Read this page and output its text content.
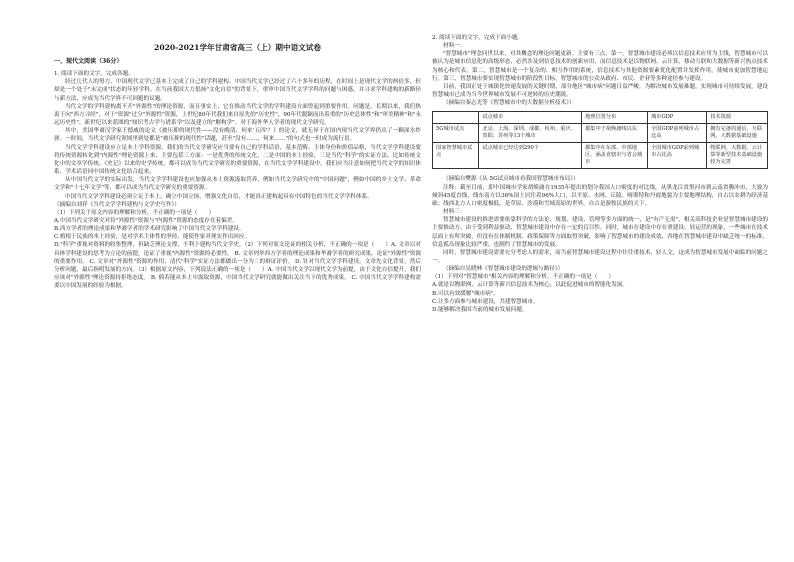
2020-2021学年甘肃省高三（上）期中语文试卷

一、现代文阅读（36分）

1. 阅读下面的文字，完成各题。

经过几代人的努力，中国现代文学已基本上完成了自己的学科建构。中国当代文学已经过了六十多年的历程，在时间上是现代文学的两倍多，但却是一个处于"未完成"状态的年轻学科。在当前我国大力倡扬"文化自信"的背景下，重审中国当代文学学科的问题与困惑，并寻求学科建构的新路径与新方法，应成为当代学界不可回避的议题。

当代文学的学科建构离不开"外源性"的理论资源，而且事实上，它在推动当代文学的学科建设方面曾起到重要作用。问题是，长期以来，我们热衷于向"西方寻经"，对于"资源"过分"外源性"资源，上世纪80年代我们来自原先的"历史性"，90年代脱颖而出着重的"历史总体性"和"审美精神"和"永远历史性"，新世纪以来蓝图的"知识考古学与谱系学"以及建立的"解构学"。对于海外华人学者的现代文学研究。

其中，美国华裔汉学家王德威的论文《被压抑的现代性——没有晚清，何来'五四'？》的论文，就无异于在国内现当代文学界扔出了一颗深水炸弹。一时间，当代文学研究领域里到处都是"被压抑的现代性"话题，甚至"没有……，何来……"的句式也一时成为流行语。

当代文学学科建设应立足本土学科资源，我们的当代文学研究应当要有自己的学科话语，基本范畴、主体身份和价值品格，当代文学学科建设要将传统资源转化到"内源性"理论资源上来，主要包括三方面：一是优秀的传统文化，二是中国的本土经验，三是当代"科学"的实证方法。比如传统文化中的文章学传统、《史记》以来的史学传统，都可以成为当代文学研究的重要资源，在当代文学学科建设中，我们应当注意如何把当代文学的知识体系、学术话语同中国传统文化结合起来。

从中国当代文学的实际出发，当代文学学科建设也应加强从本土资源汲取营养，例如当代文学研究中的"中国问题"，例如中国的乡土文学、革命文学和"十七年文学"等，都可以成为当代文学研究的重要资源。

中国当代文学学科建设必须立足于本土，确立中国立场，增强文化自信，才能真正建构起具有中国特色的当代文学学科体系。

（摘编自刘祥《当代文学学科建构与文学史写作》）

（1）下列关于原文内容的理解和分析，不正确的一项是（　　）

A.中国当代文学研究对待"外源性"资源与"内源性"资源的态度存在着偏差。

B.西方学者的理论成果和华裔学者的学术研究影响了中国当代文学学科建设。

C.植根于民族的本土经验，是对学术主体性的坚持，能使作家对现实作出回应。

D."科学"重视对资料的收集整理，但缺乏理论支撑，不利于建构当代文学史。（2）下列对原文论证的相关分析，不正确的一项是（　　）A. 文章以对具体学科建设的思考为立论的前提，论证了重视"内源性"资源的必要性。 B. 文章列举西方学者的理论成果和华裔学者的研究成果，论证"外源性"资源的重要作用。 C. 文章对"外源性"资源的作用、清代"科学"实证方法都做出一分为二的辩证评价。 D. 针对当代文学学科建设，文章先文化背景，然后分析问题，最后指明发展的方向。（3）根据原文内容，下列说法正确的一项是（　　）A. 中国当代文学以现代文学为前提，由于文化自信提升，我们应该对"外源性"理论资源持拒绝态度。 B. 倘若能从本土中汲取资源，中国当代文学研究就能做出关注当下的优秀成果。 C. 中国当代文学学科建构需要以中国发展的经验为根据。

2. 阅读下面的文字，完成下面小题。

材料一：

"智慧城市"理念问世以来，对其概念的理论问题更新。主要有三点，第一，智慧城市建设必须以信息技术应用为主线，智慧城市可以被认为是城市信息化的高级形态，必然涉及到信息技术的创新应用，而信息技术是以物联网、云计算、移动互联和大数据等新兴热点技术为核心和代表。第二，智慧城市是一个复杂的、相互作用的系统，信息技术与其他资源要素优化配置并发挥作用，使城市更加智慧地运行。第三，智慧城市要实现智慧城市的阶段性目标，智慧城市的公众从政府、市民、企业等多种途径参与建设。

目前，我国正处于城镇化快速发展的关键时期，部分地区"城市病"问题日益严峻。为解决城市发展难题，实现城市可持续发展，建设智慧城市已成为当今世界城市发展不可逆转的历史潮流。

（摘编自秦志光等《智慧城市中的大数据分析技术》）

	试点城市	地理位置分布	城市GDP	技术资源
5G城市试点	北京、上海、深圳、成都、杭州、重庆、贵阳、苏州等13个城市	都集中于胡焕庸线以东	全国GDP前列城市占比高	拥有完备的通信、互联网、大数据基础设施
国家智慧城市试点	试点城市已经达到290个	都集中在东部、中部地区，涵盖直辖市与省会城市	全国城市GDP前列城市占比高	物联网、大数据、云计算等新型技术基础设施较为完善

（摘编自樊源《从 5G试点城市看我国智慧城市布局》）

注释：截至目前，即中国城市学家胡焕庸在1935年提出的划分我国人口密度的对比线，从黑龙江省黑河市到云南省腾冲市，大致为倾斜45度直线，线东南方以36%国土居住着96%人口，以平原、水网、丘陵、喀斯特和丹霞地貌为主要地理结构，自古以农耕为经济基础；线西北方人口密度极低，是草原、沙漠和雪域高原的世界，自古是游牧民族的天下。

材料三：

智慧城市建设的推进需要依靠科学的方法论、规划、建设、管理等多方面的统一，是"有产无需"，相关高科技企业是智慧城市建设的主要推动方，由于受到利益驱动，智慧城市建设中存在一定的盲目性。同时，城市在建设中存在重建设、轻运营的现象，一些城市在技术层面上有所突破，但没有在体制机制、政策保障等方面取得突破，影响了智慧城市的建设成效，各地在智慧城市建设中缺乏统一的标准，信息孤岛现象比较严重，也制约了智慧城市的发展。

同时，智慧城市建设需要充分考虑人的需求，而当前智慧城市建设过程中往往重技术、轻人文，这成为智慧城市发展中面临的问题之一。

（摘编自吴晓林《智慧城市建设的逻辑与路径》）

（1）下列对"智慧城市"相关内容的理解和分析，不正确的一项是（　　）

A.就是以物联网、云计算等新兴信息技术为核心，以此促进城市的智能化发展。

B.可以有效缓解"城市病"。

C.让多方面参与城市建设，共建智慧城市。

D.能够解决我国当前的城市发展问题。
